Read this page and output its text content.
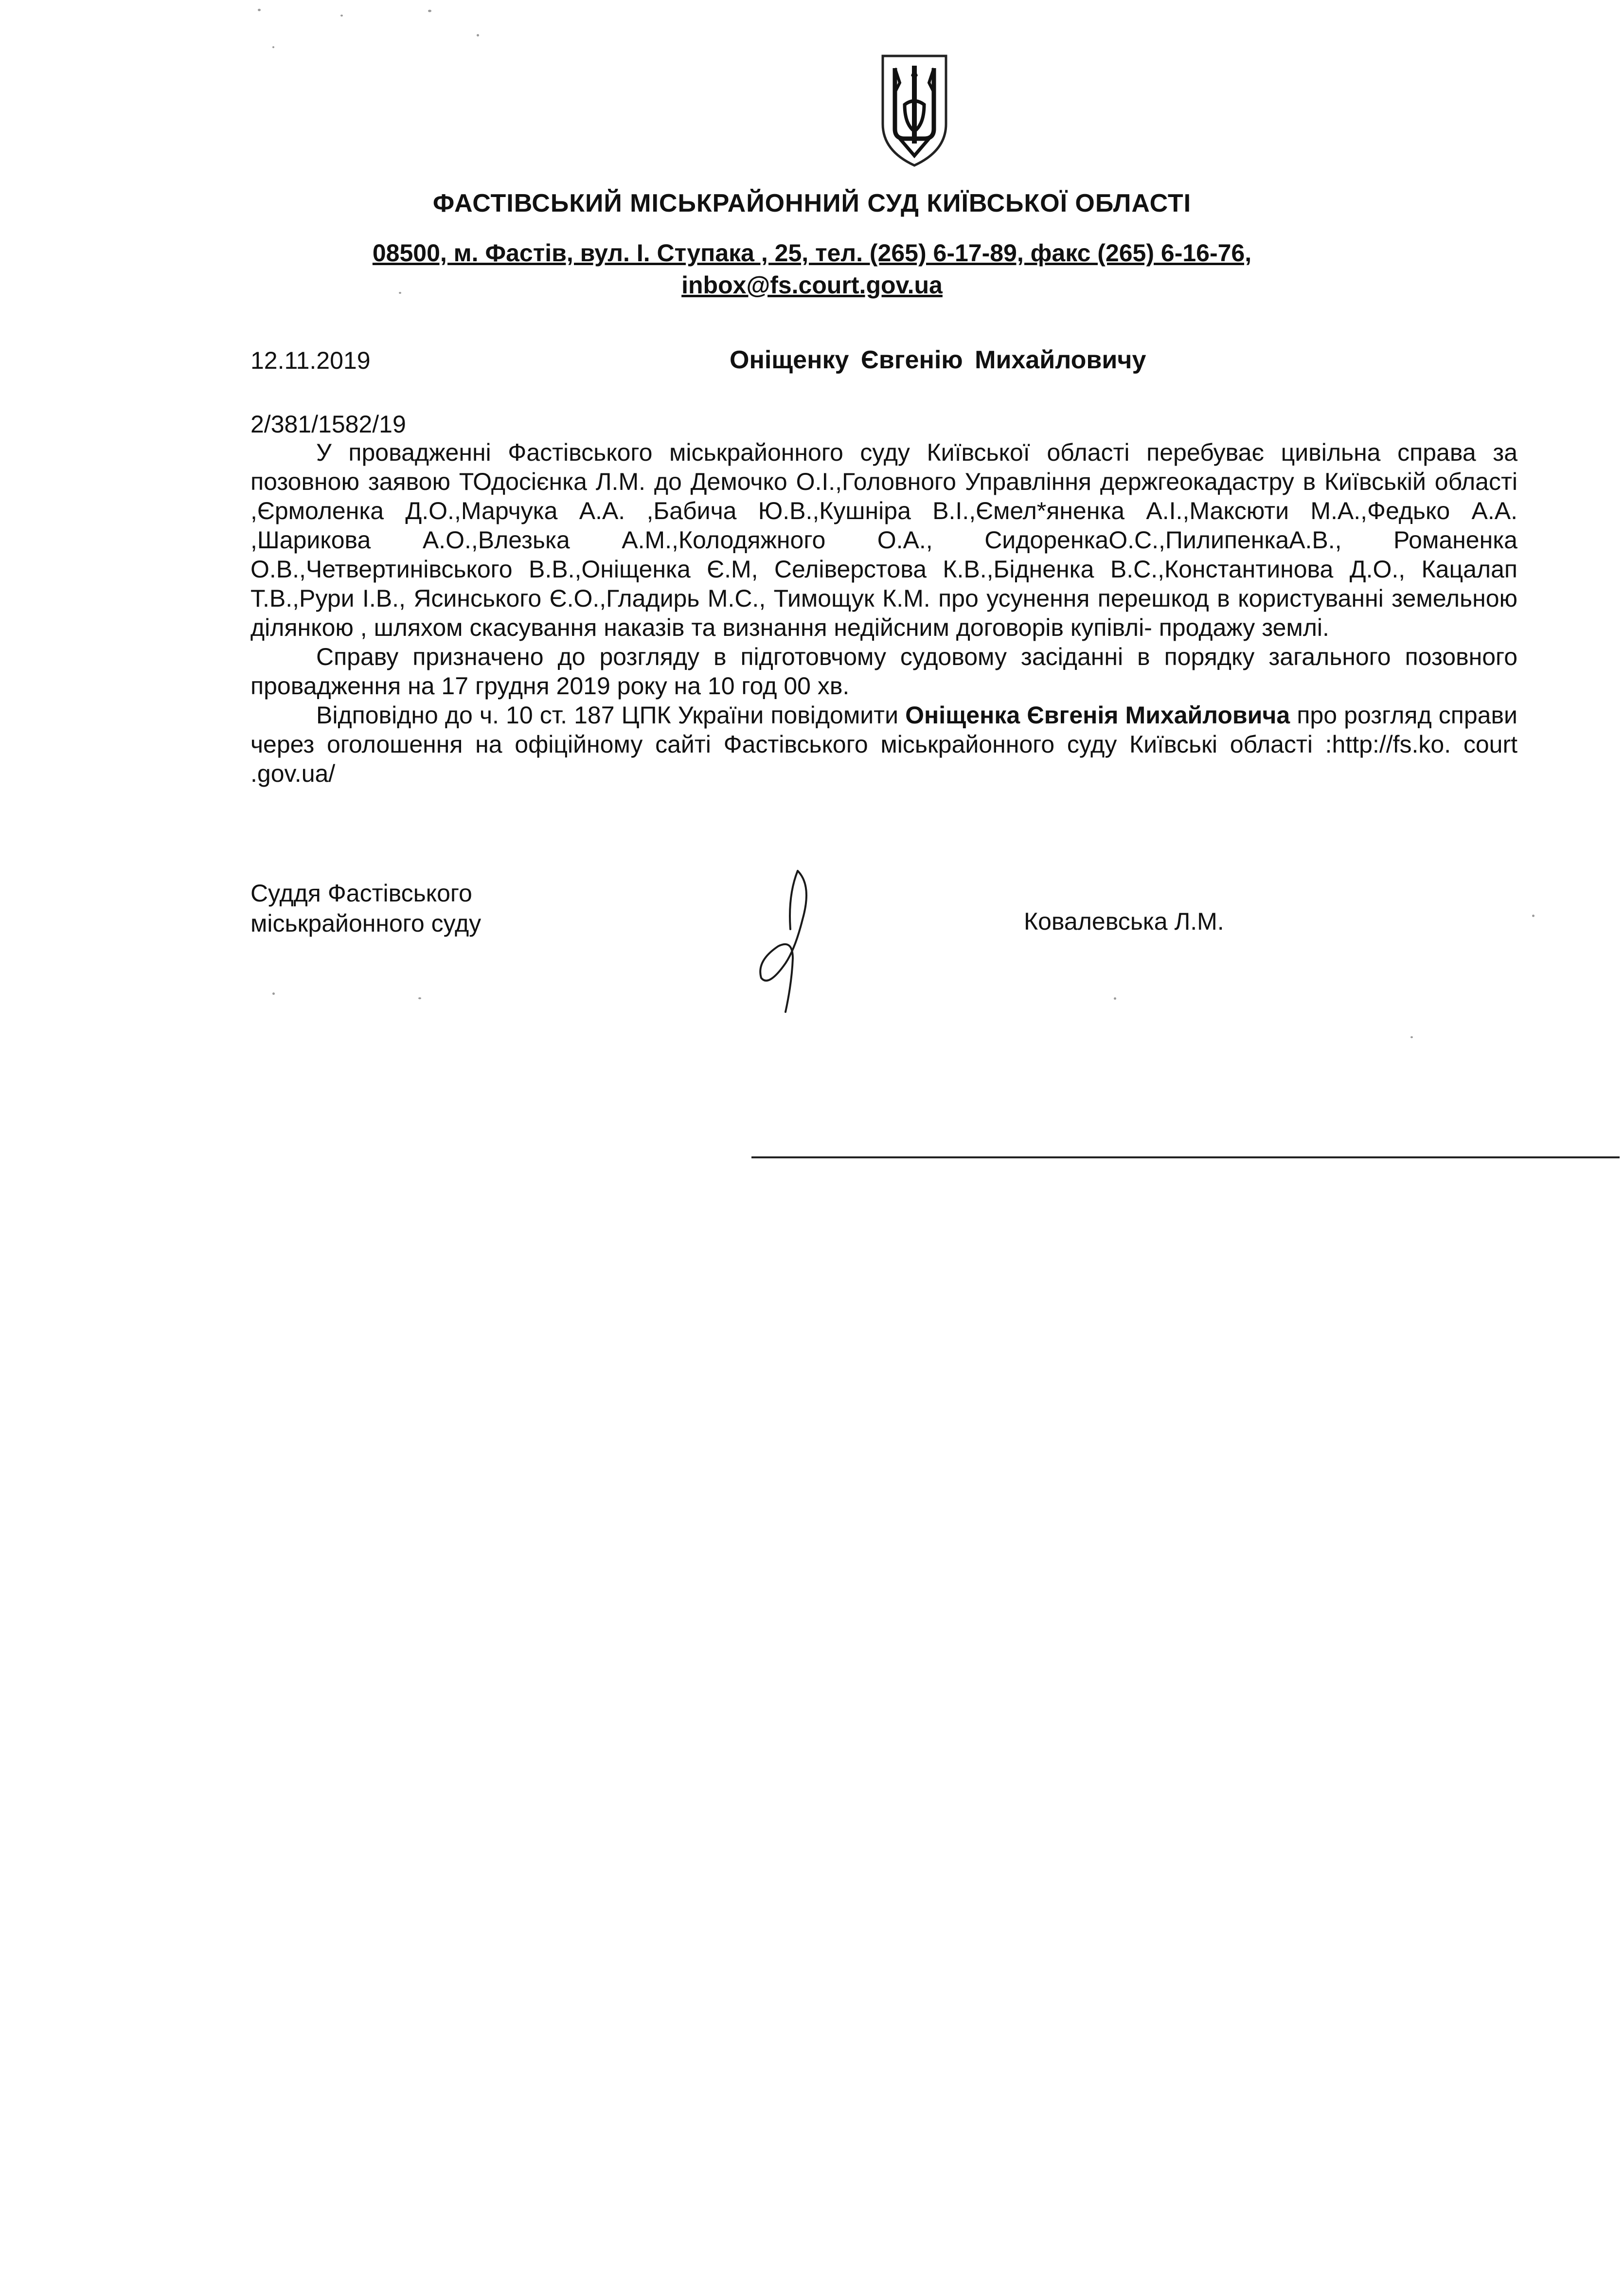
ФАСТІВСЬКИЙ МІСЬКРАЙОННИЙ СУД КИЇВСЬКОЇ ОБЛАСТІ
08500, м. Фастів, вул. І. Ступака , 25, тел. (265) 6-17-89, факс (265) 6-16-76,
inbox@fs.court.gov.ua
12.11.2019	Оніщенку Євгенію Михайловичу
2/381/1582/19

У провадженні Фастівського міськрайонного суду Київської області перебуває цивільна справа за позовною заявою ТОдосієнка Л.М. до Демочко О.І.,Головного Управління держгеокадастру в Київській області ,Єрмоленка Д.О.,Марчука А.А. ,Бабича Ю.В.,Кушніра В.І.,Ємел*яненка А.І.,Максюти М.А.,Федько А.А. ,Шарикова А.О.,Влезька А.М.,Колодяжного О.А., СидоренкаО.С.,ПилипенкаА.В., Романенка О.В.,Четвертинівського В.В.,Оніщенка Є.М, Селіверстова К.В.,Бідненка В.С.,Константинова Д.О., Кацалап Т.В.,Рури І.В., Ясинського Є.О.,Гладирь М.С., Тимощук К.М. про усунення перешкод в користуванні земельною ділянкою , шляхом скасування наказів та визнання недійсним договорів купівлі- продажу землі.

Справу призначено до розгляду в підготовчому судовому засіданні в порядку загального позовного провадження на 17 грудня 2019 року на 10 год 00 хв.

Відповідно до ч. 10 ст. 187 ЦПК України повідомити Оніщенка Євгенія Михайловича про розгляд справи через оголошення на офіційному сайті Фастівського міськрайонного суду Київські області :http://fs.ko. court .gov.ua/

Суддя Фастівського
міськрайонного суду	Ковалевська Л.М.
